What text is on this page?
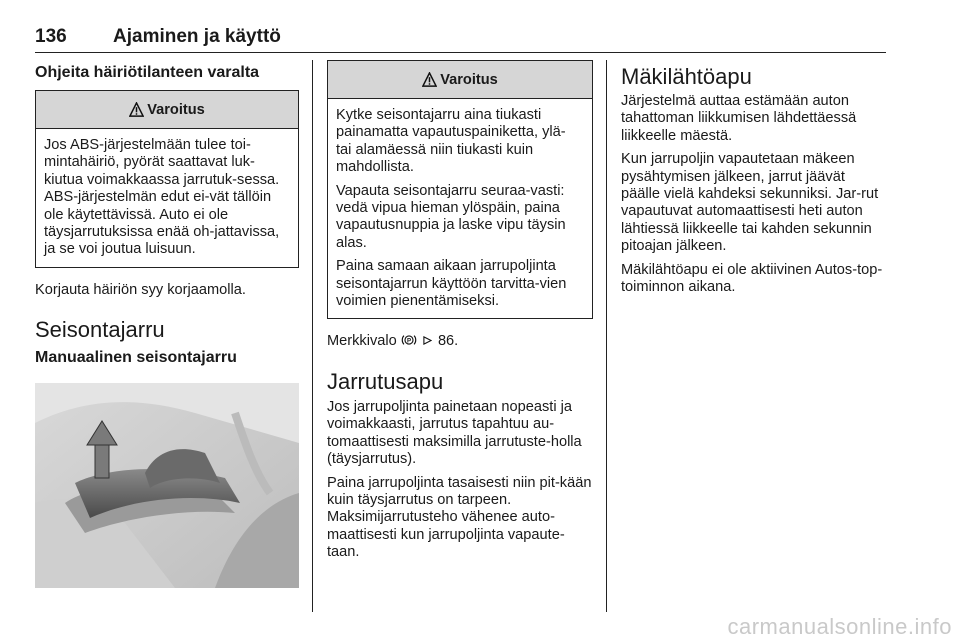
136 Ajaminen ja käyttö
Ohjeita häiriötilanteen varalta
Varoitus

Jos ABS-järjestelmään tulee toi-mintahäiriö, pyörät saattavat luk-kiutua voimakkaassa jarrutuk-sessa. ABS-järjestelmän edut ei-vät tällöin ole käytettävissä. Auto ei ole täysjarrutuksissa enää oh-jattavissa, ja se voi joutua luisuun.

Korjauta häiriön syy korjaamolla.

Seisontajarru
Manuaalinen seisontajarru
Varoitus

Kytke seisontajarru aina tiukasti painamatta vapautuspainiketta, ylä- tai alamäessä niin tiukasti kuin mahdollista.

Vapauta seisontajarru seuraa-vasti: vedä vipua hieman ylöspäin, paina vapautusnuppia ja laske vipu täysin alas.

Paina samaan aikaan jarrupoljinta seisontajarrun käyttöön tarvitta-vien voimien pienentämiseksi.

Merkkivalo P 86.

Jarrutusapu

Jos jarrupoljinta painetaan nopeasti ja voimakkaasti, jarrutus tapahtuu au-tomaattisesti maksimilla jarrutuste-holla (täysjarrutus).

Paina jarrupoljinta tasaisesti niin pit-kään kuin täysjarrutus on tarpeen. Maksimijarrutusteho vähenee auto-maattisesti kun jarrupoljinta vapaute-taan.

Mäkilähtöapu

Järjestelmä auttaa estämään auton tahattoman liikkumisen lähdettäessä liikkeelle mäestä.

Kun jarrupoljin vapautetaan mäkeen pysähtymisen jälkeen, jarrut jäävät päälle vielä kahdeksi sekunniksi. Jar-rut vapautuvat automaattisesti heti auton lähtiessä liikkeelle tai kahden sekunnin pitoajan jälkeen.

Mäkilähtöapu ei ole aktiivinen Autos-top-toiminnon aikana.

carmanualsonline.info
